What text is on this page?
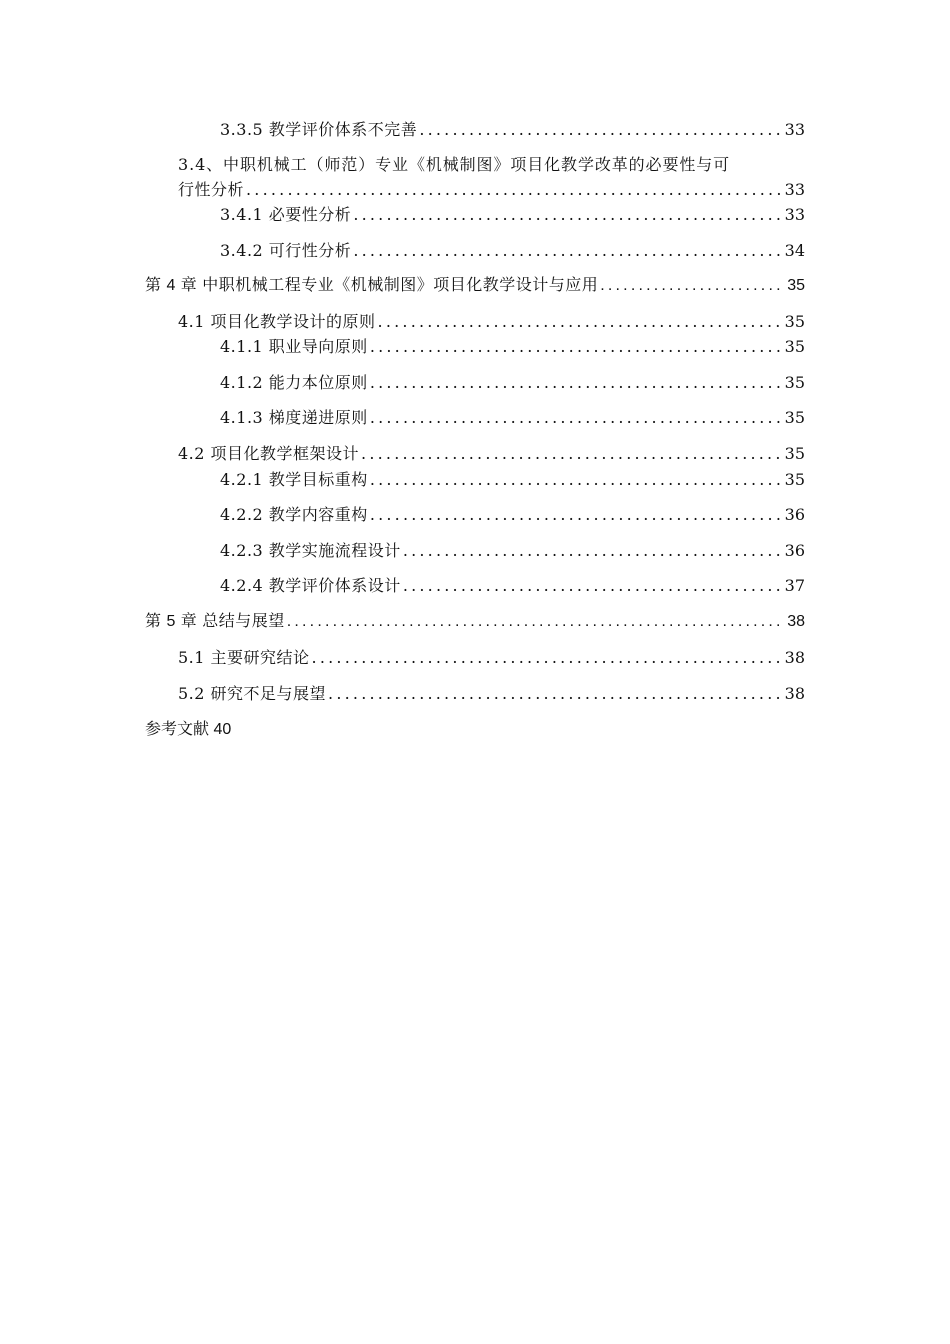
3.3.5 教学评价体系不完善 .....	33
3.4、中职机械工（师范）专业《机械制图》项目化教学改革的必要性与可
行性分析 .....	33
3.4.1 必要性分析 .....	33
3.4.2 可行性分析 .....	34
第 4 章 中职机械工程专业《机械制图》项目化教学设计与应用 .....	35
4.1 项目化教学设计的原则 .....	35
4.1.1 职业导向原则 .....	35
4.1.2 能力本位原则 .....	35
4.1.3 梯度递进原则 .....	35
4.2 项目化教学框架设计 .....	35
4.2.1 教学目标重构 .....	35
4.2.2 教学内容重构 .....	36
4.2.3 教学实施流程设计 .....	36
4.2.4 教学评价体系设计 .....	37
第 5 章 总结与展望 .....	38
5.1 主要研究结论 .....	38
5.2 研究不足与展望 .....	38
参考文献 40
